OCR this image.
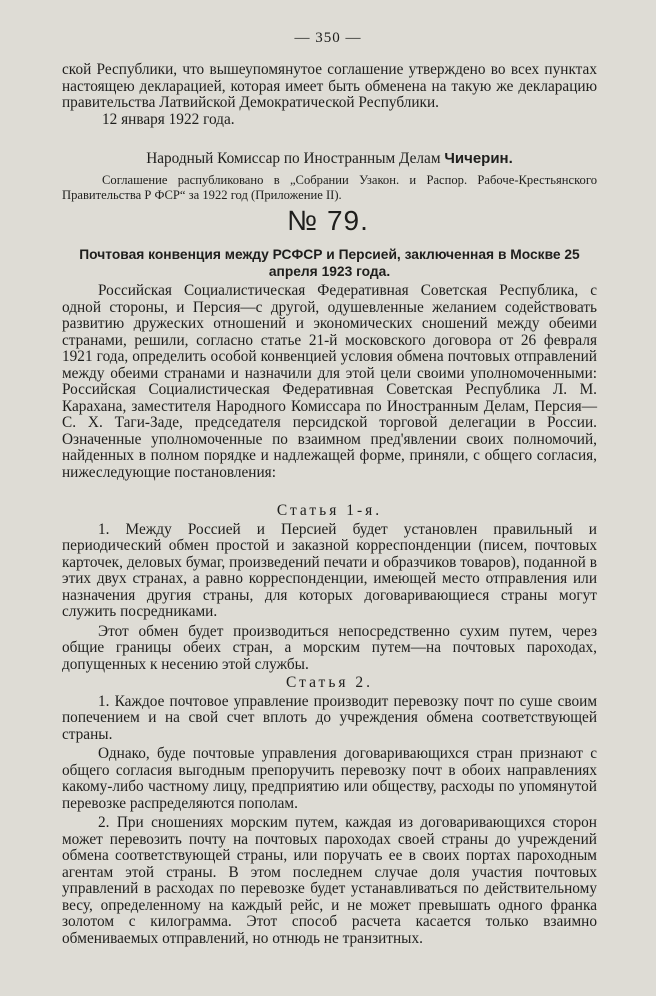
— 350 —

ской Республики, что вышеупомянутое соглашение утверждено во всех пунктах настоящею декларацией, которая имеет быть обменена на такую же декларацию правительства Латвийской Демократической Республики.

12 января 1922 года.

Народный Комиссар по Иностранным Делам Чичерин.
Соглашение распубликовано в „Собрании Узакон. и Распор. Рабоче-Крестьянского Правительства Р ФСР“ за 1922 год (Приложение II).
№ 79.
Почтовая конвенция между РСФСР и Персией, заключенная в Москве 25 апреля 1923 года.

Российская Социалистическая Федеративная Советская Республика, с одной стороны, и Персия—с другой, одушевленные желанием содействовать развитию дружеских отношений и экономических сношений между обеими странами, решили, согласно статье 21-й московского договора от 26 февраля 1921 года, определить особой конвенцией условия обмена почтовых отправлений между обеими странами и назначили для этой цели своими уполномоченными: Российская Социалистическая Федеративная Советская Республика Л. М. Карахана, заместителя Народного Комиссара по Иностранным Делам, Персия—С. Х. Таги-Заде, председателя персидской торговой делегации в России. Означенные уполномоченные по взаимном пред'явлении своих полномочий, найденных в полном порядке и надлежащей форме, приняли, с общего согласия, нижеследующие постановления:

Статья 1-я.

1. Между Россией и Персией будет установлен правильный и периодический обмен простой и заказной корреспонденции (писем, почтовых карточек, деловых бумаг, произведений печати и образчиков товаров), поданной в этих двух странах, а равно корреспонденции, имеющей место отправления или назначения другия страны, для которых договаривающиеся страны могут служить посредниками.

Этот обмен будет производиться непосредственно сухим путем, через общие границы обеих стран, а морским путем—на почтовых пароходах, допущенных к несению этой службы.

Статья 2.

1. Каждое почтовое управление производит перевозку почт по суше своим попечением и на свой счет вплоть до учреждения обмена соответствующей страны.

Однако, буде почтовые управления договаривающихся стран признают с общего согласия выгодным препоручить перевозку почт в обоих направлениях какому-либо частному лицу, предприятию или обществу, расходы по упомянутой перевозке распределяются пополам.

2. При сношениях морским путем, каждая из договаривающихся сторон может перевозить почту на почтовых пароходах своей страны до учреждений обмена соответствующей страны, или поручать ее в своих портах пароходным агентам этой страны. В этом последнем случае доля участия почтовых управлений в расходах по перевозке будет устанавливаться по действительному весу, определенному на каждый рейс, и не может превышать одного франка золотом с килограмма. Этот способ расчета касается только взаимно обмениваемых отправлений, но отнюдь не транзитных.
